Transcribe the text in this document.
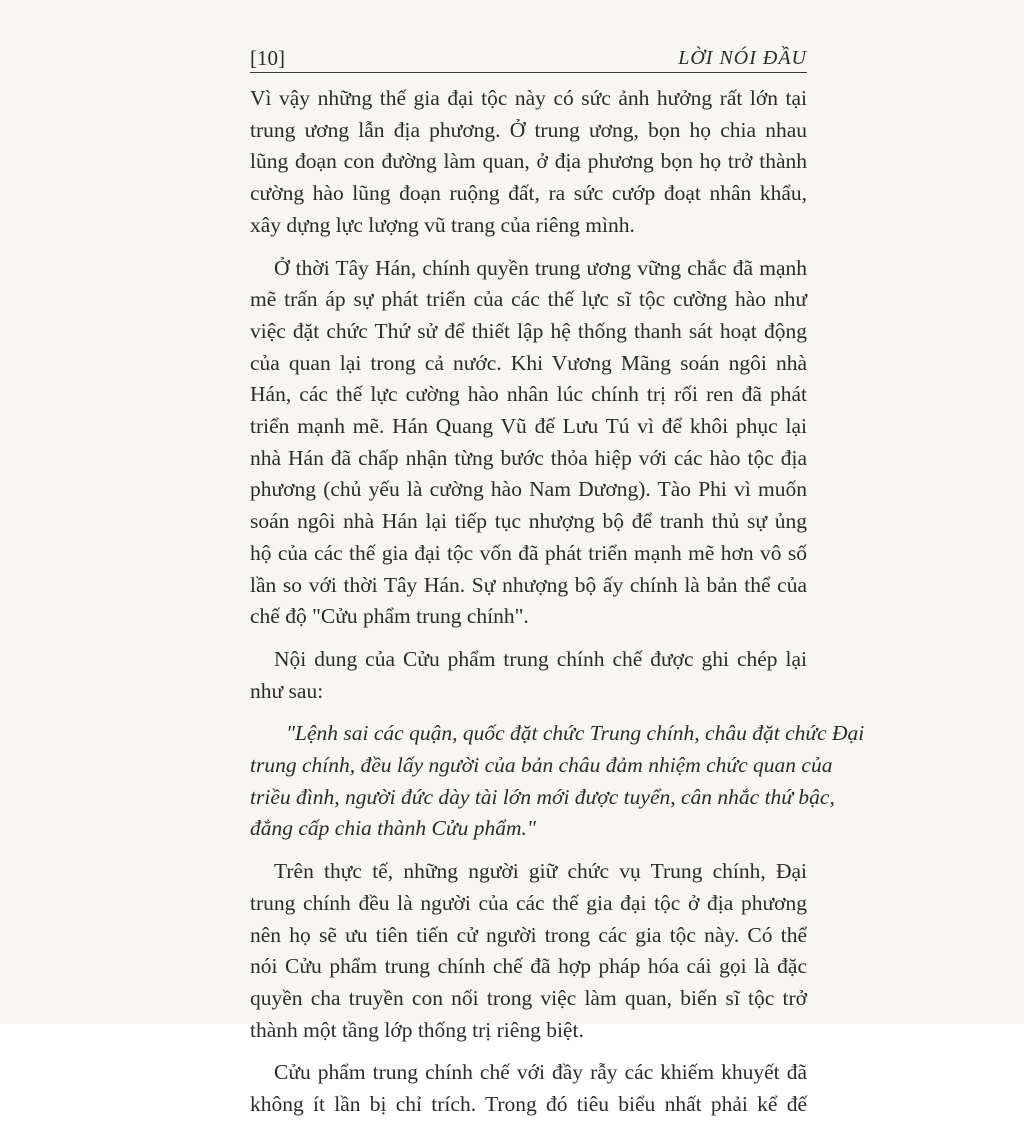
[10]	LỜI NÓI ĐẦU
Vì vậy những thế gia đại tộc này có sức ảnh hưởng rất lớn tại
trung ương lẫn địa phương. Ở trung ương, bọn họ chia nhau
lũng đoạn con đường làm quan, ở địa phương bọn họ trở thành
cường hào lũng đoạn ruộng đất, ra sức cướp đoạt nhân khẩu,
xây dựng lực lượng vũ trang của riêng mình.
Ở thời Tây Hán, chính quyền trung ương vững chắc đã mạnh
mẽ trấn áp sự phát triển của các thế lực sĩ tộc cường hào như
việc đặt chức Thứ sử để thiết lập hệ thống thanh sát hoạt động
của quan lại trong cả nước. Khi Vương Mãng soán ngôi nhà
Hán, các thế lực cường hào nhân lúc chính trị rối ren đã phát
triển mạnh mẽ. Hán Quang Vũ đế Lưu Tú vì để khôi phục lại
nhà Hán đã chấp nhận từng bước thỏa hiệp với các hào tộc địa
phương (chủ yếu là cường hào Nam Dương). Tào Phi vì muốn
soán ngôi nhà Hán lại tiếp tục nhượng bộ để tranh thủ sự ủng
hộ của các thế gia đại tộc vốn đã phát triển mạnh mẽ hơn vô số
lần so với thời Tây Hán. Sự nhượng bộ ấy chính là bản thể của
chế độ "Cửu phẩm trung chính".
Nội dung của Cửu phẩm trung chính chế được ghi chép lại
như sau:
"Lệnh sai các quận, quốc đặt chức Trung chính, châu đặt chức Đại
trung chính, đều lấy người của bản châu đảm nhiệm chức quan của
triều đình, người đức dày tài lớn mới được tuyển, cân nhắc thứ bậc,
đẳng cấp chia thành Cửu phẩm."
Trên thực tế, những người giữ chức vụ Trung chính, Đại
trung chính đều là người của các thế gia đại tộc ở địa phương
nên họ sẽ ưu tiên tiến cử người trong các gia tộc này. Có thể
nói Cửu phẩm trung chính chế đã hợp pháp hóa cái gọi là đặc
quyền cha truyền con nối trong việc làm quan, biến sĩ tộc trở
thành một tầng lớp thống trị riêng biệt.
Cửu phẩm trung chính chế với đầy rẫy các khiếm khuyết đã
không ít lần bị chỉ trích. Trong đó tiêu biểu nhất phải kể đế
